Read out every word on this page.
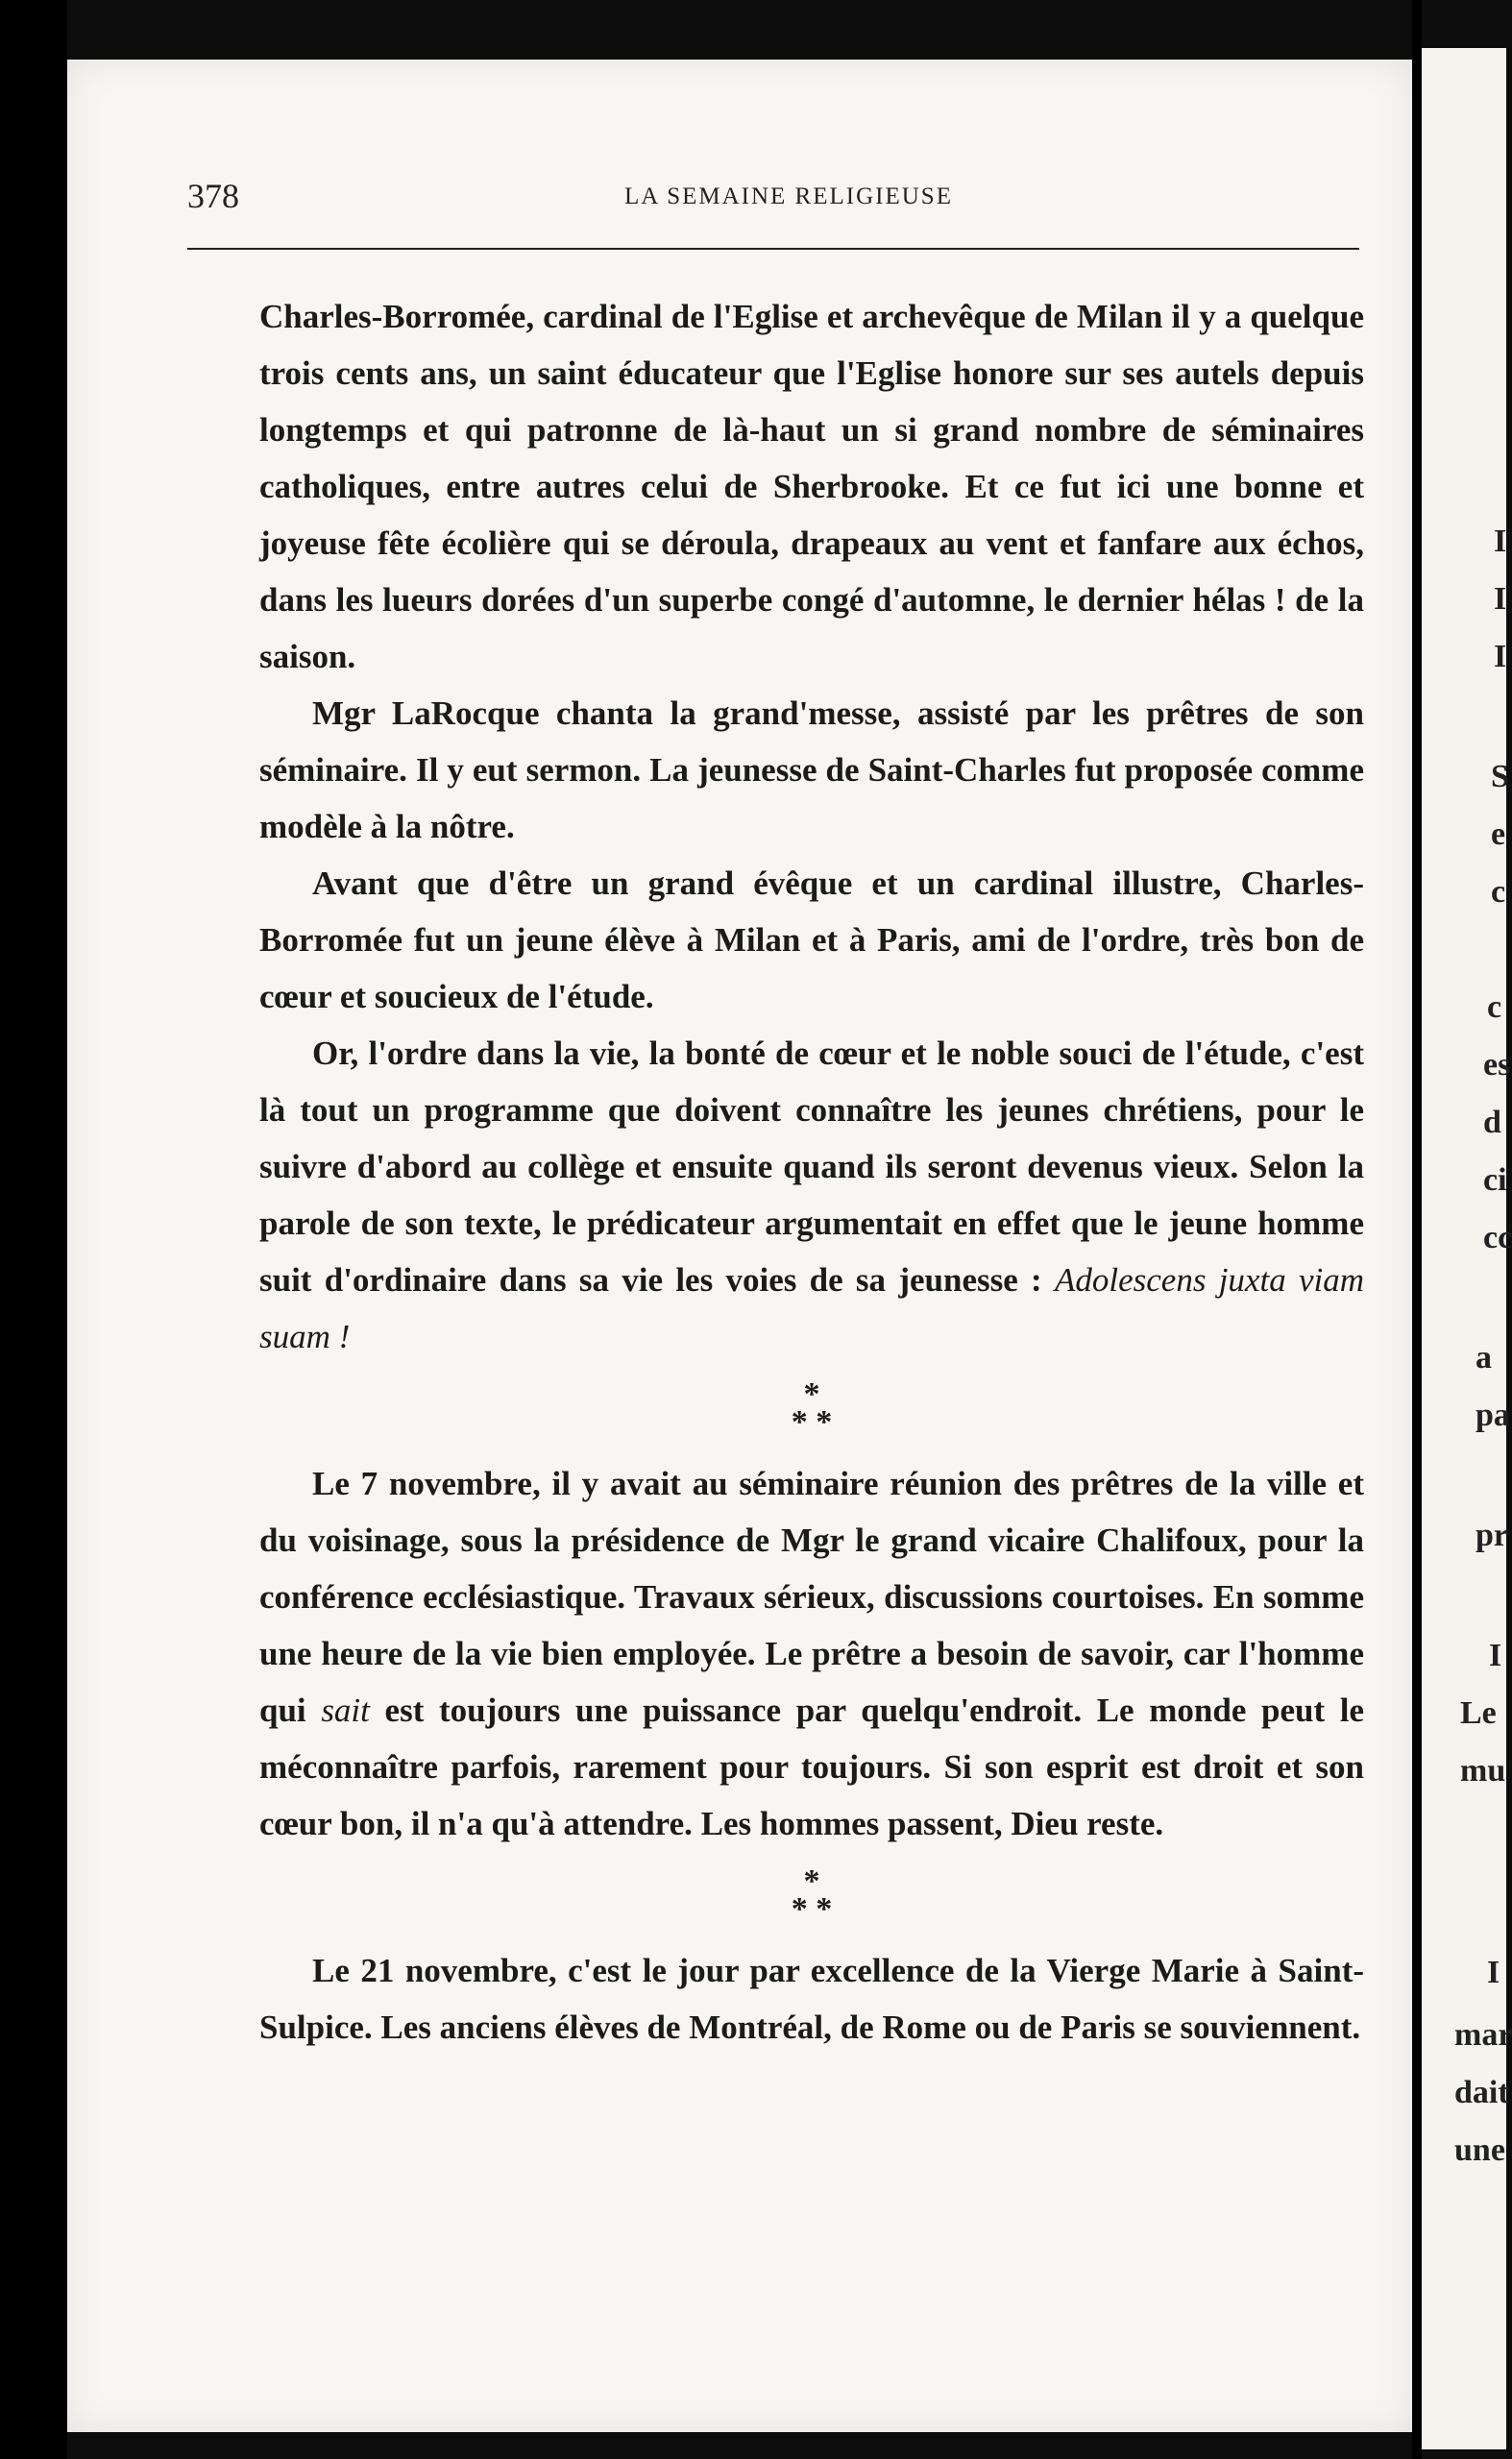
378	LA SEMAINE RELIGIEUSE

Charles-Borromée, cardinal de l'Eglise et archevêque de Milan il y a quelque trois cents ans, un saint éducateur que l'Eglise honore sur ses autels depuis longtemps et qui patronne de là-haut un si grand nombre de séminaires catholiques, entre autres celui de Sherbrooke. Et ce fut ici une bonne et joyeuse fête écolière qui se déroula, drapeaux au vent et fanfare aux échos, dans les lueurs dorées d'un superbe congé d'automne, le dernier hélas ! de la saison.

Mgr LaRocque chanta la grand'messe, assisté par les prêtres de son séminaire. Il y eut sermon. La jeunesse de Saint-Charles fut proposée comme modèle à la nôtre.

Avant que d'être un grand évêque et un cardinal illustre, Charles-Borromée fut un jeune élève à Milan et à Paris, ami de l'ordre, très bon de cœur et soucieux de l'étude.

Or, l'ordre dans la vie, la bonté de cœur et le noble souci de l'étude, c'est là tout un programme que doivent connaître les jeunes chrétiens, pour le suivre d'abord au collège et ensuite quand ils seront devenus vieux. Selon la parole de son texte, le prédicateur argumentait en effet que le jeune homme suit d'ordinaire dans sa vie les voies de sa jeunesse : Adolescens juxta viam suam !

*
* *

Le 7 novembre, il y avait au séminaire réunion des prêtres de la ville et du voisinage, sous la présidence de Mgr le grand vicaire Chalifoux, pour la conférence ecclésiastique. Travaux sérieux, discussions courtoises. En somme une heure de la vie bien employée. Le prêtre a besoin de savoir, car l'homme qui sait est toujours une puissance par quelqu'endroit. Le monde peut le méconnaître parfois, rarement pour toujours. Si son esprit est droit et son cœur bon, il n'a qu'à attendre. Les hommes passent, Dieu reste.

*
* *

Le 21 novembre, c'est le jour par excellence de la Vierge Marie à Saint-Sulpice. Les anciens élèves de Montréal, de Rome ou de Paris se souviennent.

I
I
I
S
e
c
c
es
d
ci
cc
a
pa
pr
I
Le
mu
I
mar
dait
une
